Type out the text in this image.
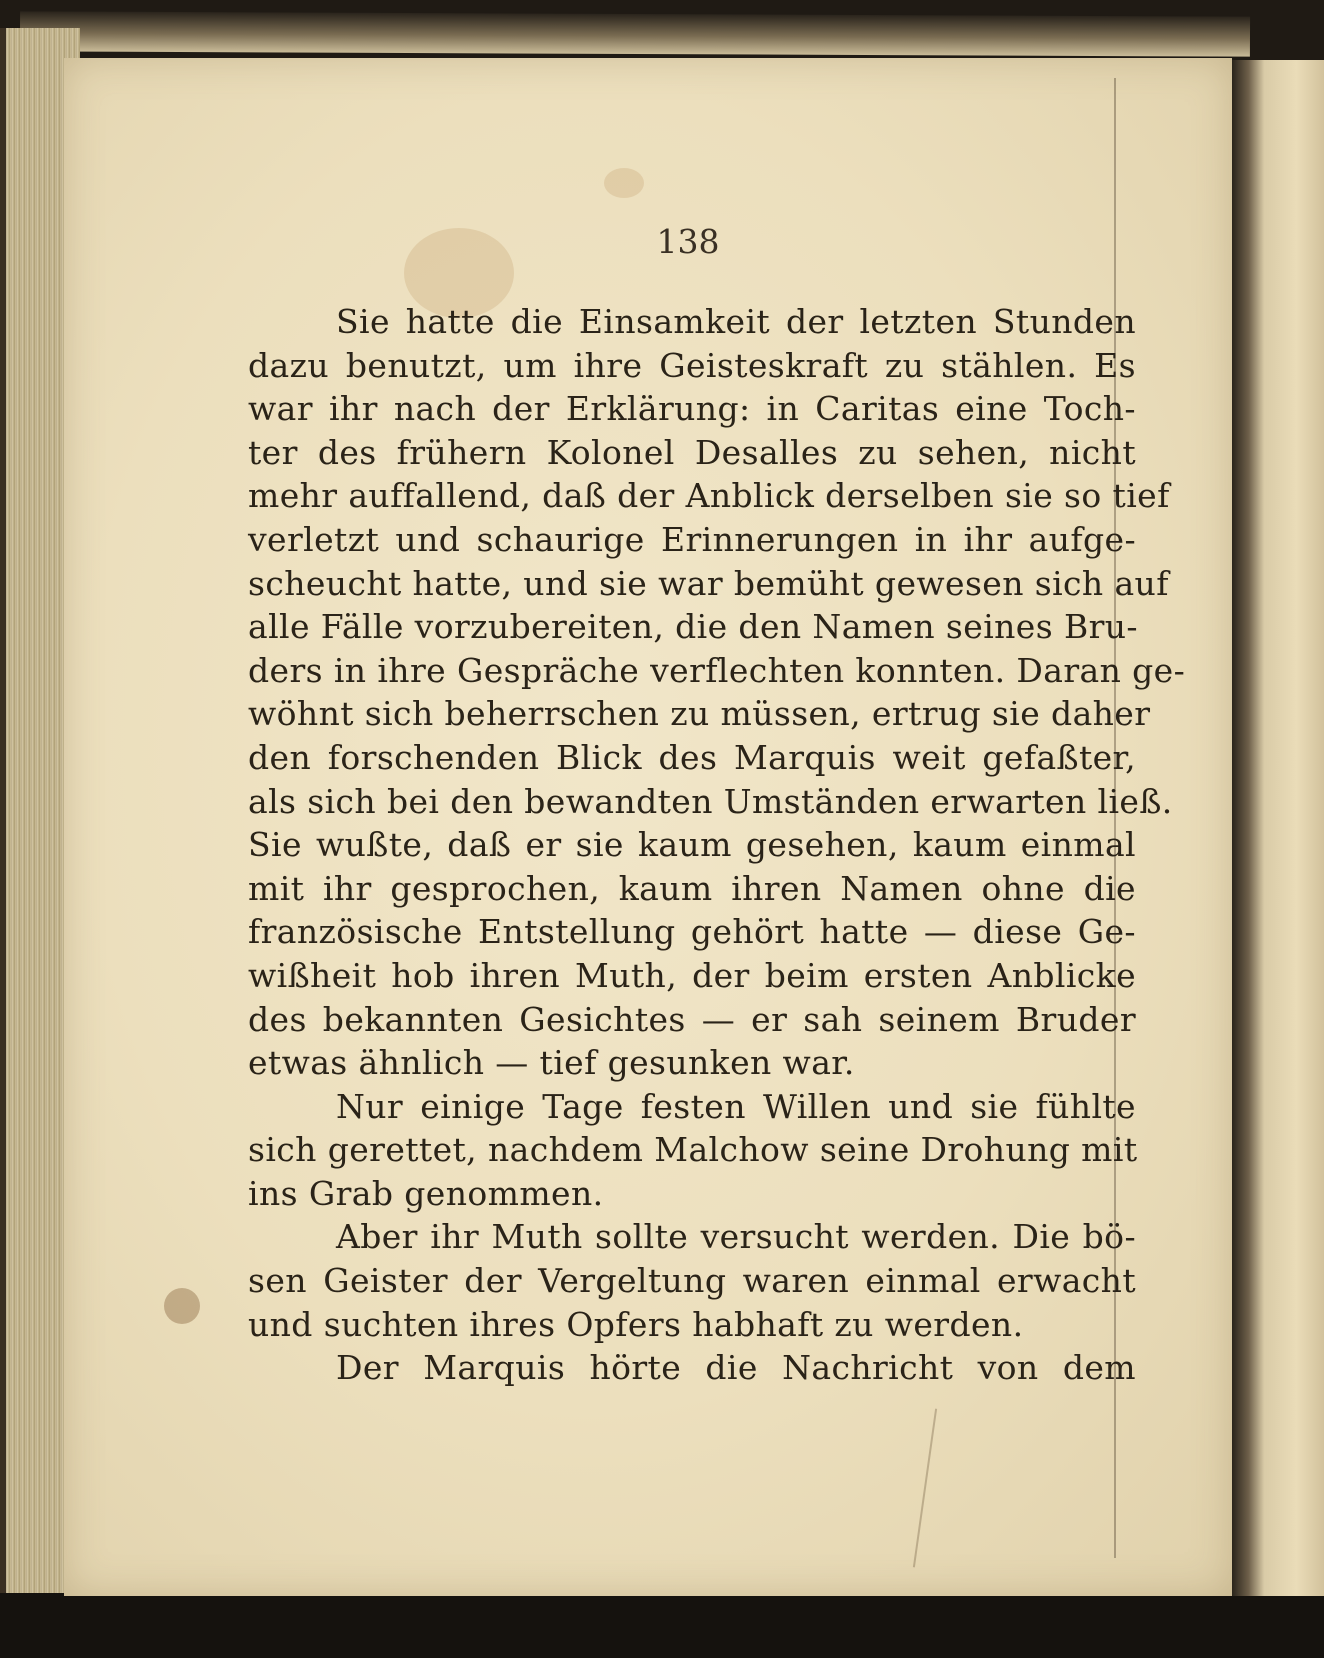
138
Sie hatte die Einsamkeit der letzten Stunden
dazu benutzt, um ihre Geisteskraft zu stählen. Es
war ihr nach der Erklärung: in Caritas eine Toch-
ter des frühern Kolonel Desalles zu sehen, nicht
mehr auffallend, daß der Anblick derselben sie so tief
verletzt und schaurige Erinnerungen in ihr aufge-
scheucht hatte, und sie war bemüht gewesen sich auf
alle Fälle vorzubereiten, die den Namen seines Bru-
ders in ihre Gespräche verflechten konnten. Daran ge-
wöhnt sich beherrschen zu müssen, ertrug sie daher
den forschenden Blick des Marquis weit gefaßter,
als sich bei den bewandten Umständen erwarten ließ.
Sie wußte, daß er sie kaum gesehen, kaum einmal
mit ihr gesprochen, kaum ihren Namen ohne die
französische Entstellung gehört hatte — diese Ge-
wißheit hob ihren Muth, der beim ersten Anblicke
des bekannten Gesichtes — er sah seinem Bruder
etwas ähnlich — tief gesunken war.
Nur einige Tage festen Willen und sie fühlte
sich gerettet, nachdem Malchow seine Drohung mit
ins Grab genommen.
Aber ihr Muth sollte versucht werden. Die bö-
sen Geister der Vergeltung waren einmal erwacht
und suchten ihres Opfers habhaft zu werden.
Der Marquis hörte die Nachricht von dem
